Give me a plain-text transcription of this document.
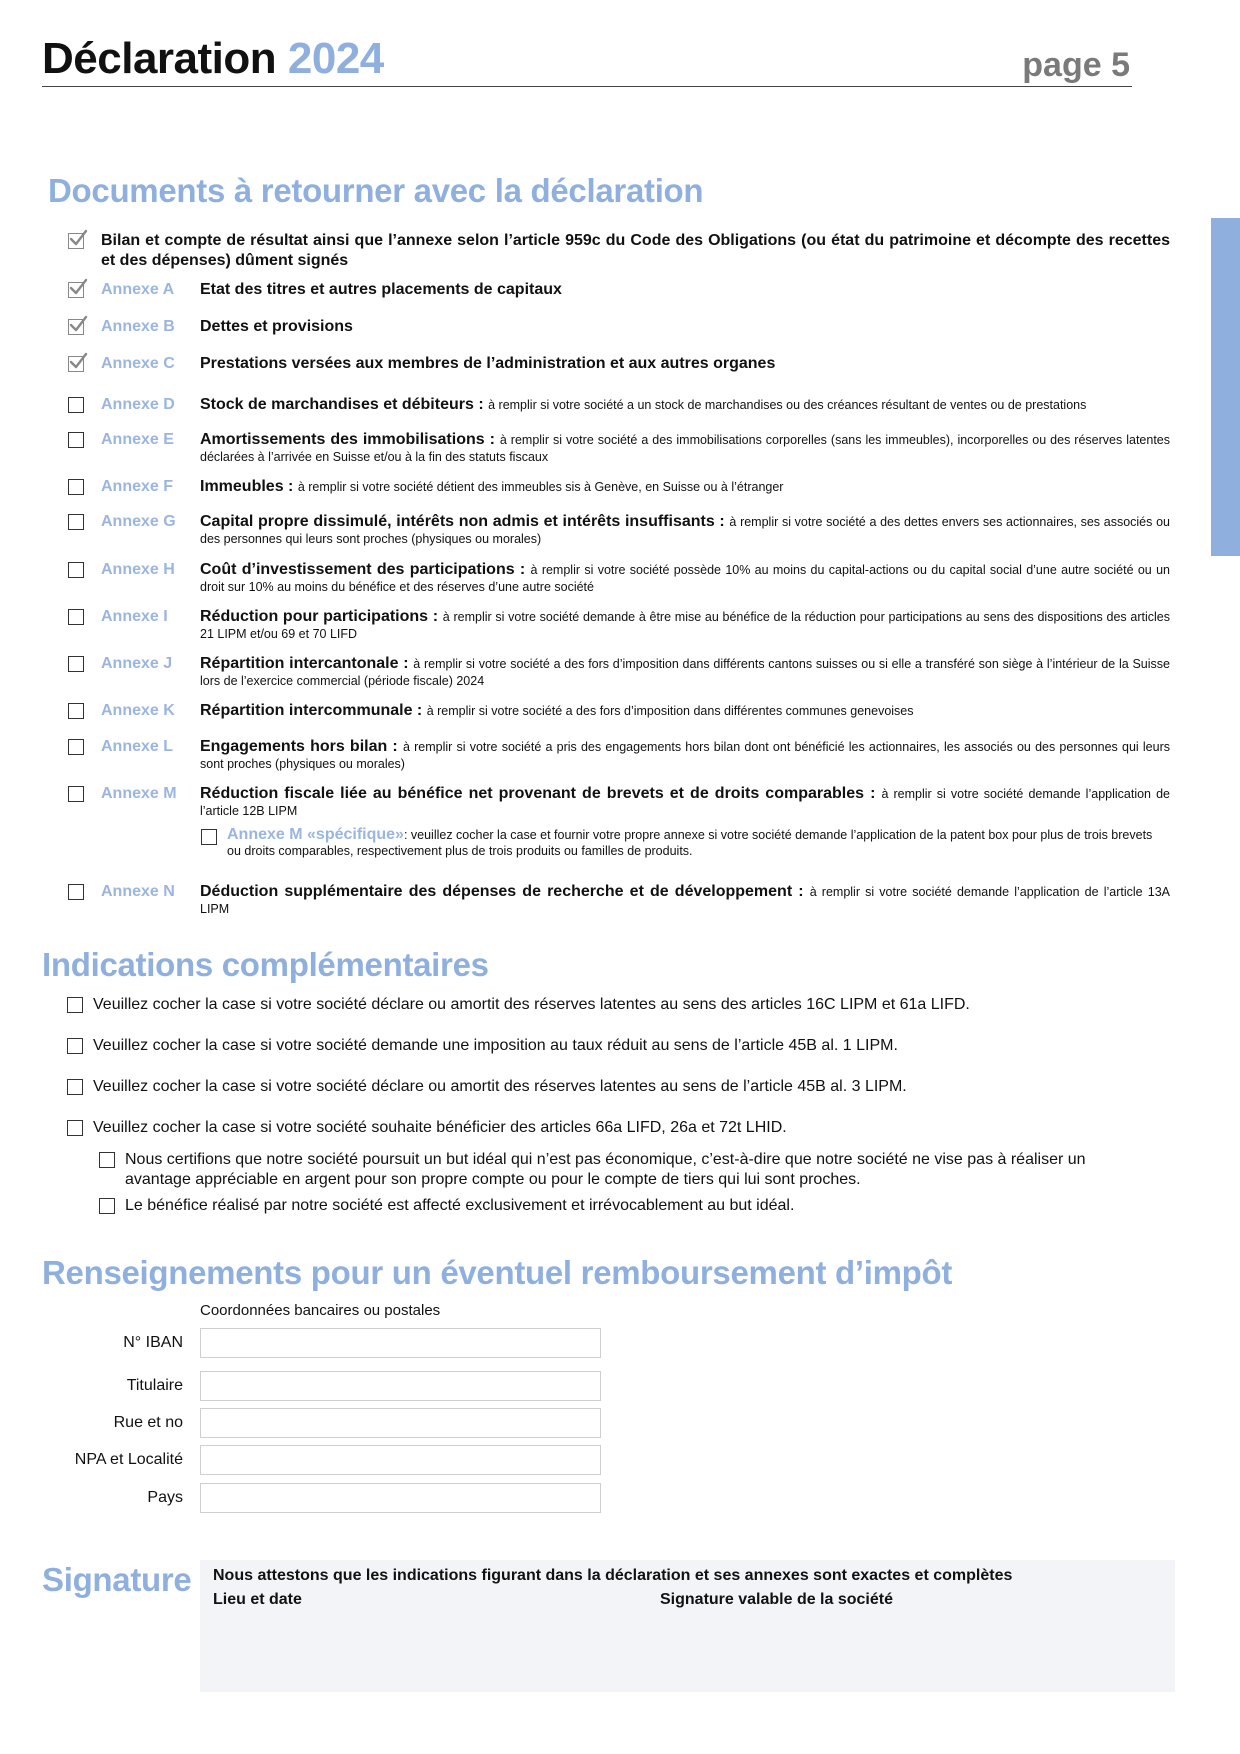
Déclaration 2024	page 5
Documents à retourner avec la déclaration
Bilan et compte de résultat ainsi que l’annexe selon l’article 959c du Code des Obligations (ou état du patrimoine et décompte des recettes et des dépenses) dûment signés
Annexe A Etat des titres et autres placements de capitaux
Annexe B Dettes et provisions
Annexe C Prestations versées aux membres de l’administration et aux autres organes
Annexe D Stock de marchandises et débiteurs : à remplir si votre société a un stock de marchandises ou des créances résultant de ventes ou de prestations
Annexe E Amortissements des immobilisations : à remplir si votre société a des immobilisations corporelles (sans les immeubles), incorporelles ou des réserves latentes déclarées à l’arrivée en Suisse et/ou à la fin des statuts fiscaux
Annexe F Immeubles : à remplir si votre société détient des immeubles sis à Genève, en Suisse ou à l’étranger
Annexe G Capital propre dissimulé, intérêts non admis et intérêts insuffisants : à remplir si votre société a des dettes envers ses actionnaires, ses associés ou des personnes qui leurs sont proches (physiques ou morales)
Annexe H Coût d’investissement des participations : à remplir si votre société possède 10% au moins du capital-actions ou du capital social d’une autre société ou un droit sur 10% au moins du bénéfice et des réserves d’une autre société
Annexe I Réduction pour participations : à remplir si votre société demande à être mise au bénéfice de la réduction pour participations au sens des dispositions des articles 21 LIPM et/ou 69 et 70 LIFD
Annexe J Répartition intercantonale : à remplir si votre société a des fors d’imposition dans différents cantons suisses ou si elle a transféré son siège à l’intérieur de la Suisse lors de l’exercice commercial (période fiscale) 2024
Annexe K Répartition intercommunale : à remplir si votre société a des fors d’imposition dans différentes communes genevoises
Annexe L Engagements hors bilan : à remplir si votre société a pris des engagements hors bilan dont ont bénéficié les actionnaires, les associés ou des personnes qui leurs sont proches (physiques ou morales)
Annexe M Réduction fiscale liée au bénéfice net provenant de brevets et de droits comparables : à remplir si votre société demande l’application de l’article 12B LIPM
Annexe N Déduction supplémentaire des dépenses de recherche et de développement : à remplir si votre société demande l’application de l’article 13A LIPM
Annexe M «spécifique»: veuillez cocher la case et fournir votre propre annexe si votre société demande l’application de la patent box pour plus de trois brevets ou droits comparables, respectivement plus de trois produits ou familles de produits.
Indications complémentaires
Veuillez cocher la case si votre société déclare ou amortit des réserves latentes au sens des articles 16C LIPM et 61a LIFD.
Veuillez cocher la case si votre société demande une imposition au taux réduit au sens de l’article 45B al. 1 LIPM.
Veuillez cocher la case si votre société déclare ou amortit des réserves latentes au sens de l’article 45B al. 3 LIPM.
Veuillez cocher la case si votre société souhaite bénéficier des articles 66a LIFD, 26a et 72t LHID.
Nous certifions que notre société poursuit un but idéal qui n’est pas économique, c’est-à-dire que notre société ne vise pas à réaliser un avantage appréciable en argent pour son propre compte ou pour le compte de tiers qui lui sont proches.
Le bénéfice réalisé par notre société est affecté exclusivement et irrévocablement au but idéal.
Renseignements pour un éventuel remboursement d’impôt
Coordonnées bancaires ou postales
N° IBAN
Titulaire
Rue et no
NPA et Localité
Pays
Signature Nous attestons que les indications figurant dans la déclaration et ses annexes sont exactes et complètes
Lieu et date	Signature valable de la société
